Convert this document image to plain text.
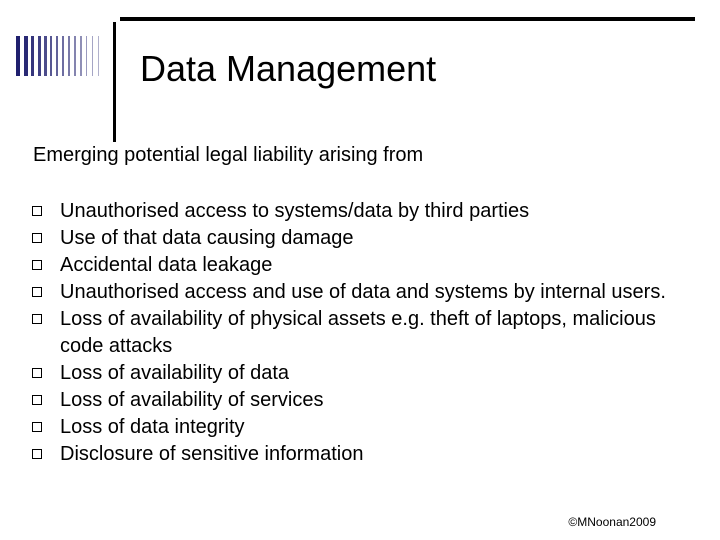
Data Management
Emerging potential legal liability arising from
Unauthorised access to systems/data by third parties
Use of that data causing damage
Accidental data leakage
Unauthorised access and use of data and systems by internal users.
Loss of availability of physical assets e.g. theft of laptops, malicious code attacks
Loss of availability of data
Loss of availability of services
Loss of data integrity
Disclosure of sensitive information
©MNoonan2009
